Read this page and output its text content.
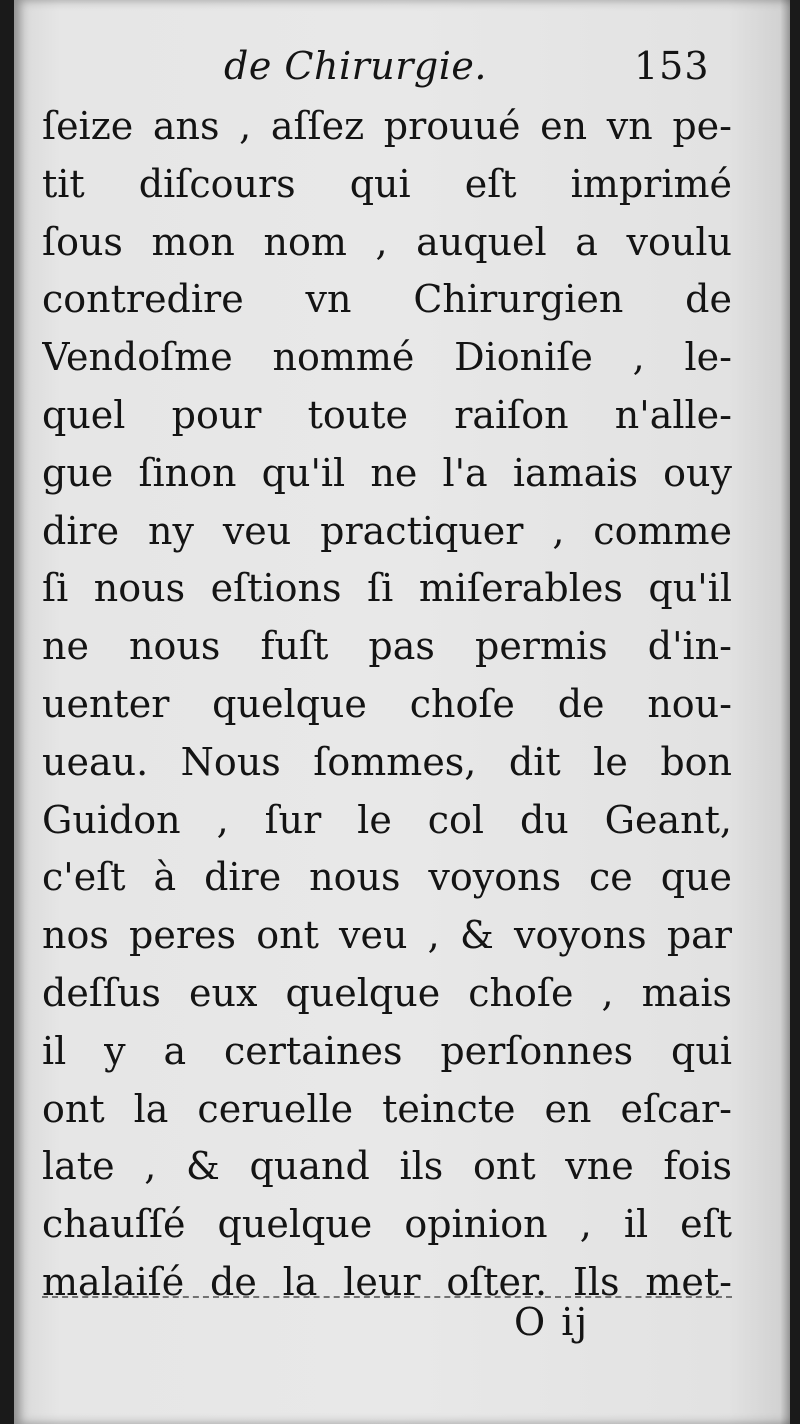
de Chirurgie.	153
ſeize ans , aſſez prouué en vn pe-
tit diſcours qui eſt imprimé
ſous mon nom , auquel a voulu
contredire vn Chirurgien de
Vendoſme nommé Dioniſe , le-
quel pour toute raiſon n'alle-
gue ſinon qu'il ne l'a iamais ouy
dire ny veu practiquer , comme
ſi nous eſtions ſi miſerables qu'il
ne nous fuſt pas permis d'in-
uenter quelque choſe de nou-
ueau. Nous ſommes, dit le bon
Guidon , ſur le col du Geant,
c'eſt à dire nous voyons ce que
nos peres ont veu , & voyons par
deſſus eux quelque choſe , mais
il y a certaines perſonnes qui
ont la ceruelle teincte en eſcar-
late , & quand ils ont vne fois
chauſſé quelque opinion , il eſt
malaiſé de la leur oſter. Ils met-
O ij
